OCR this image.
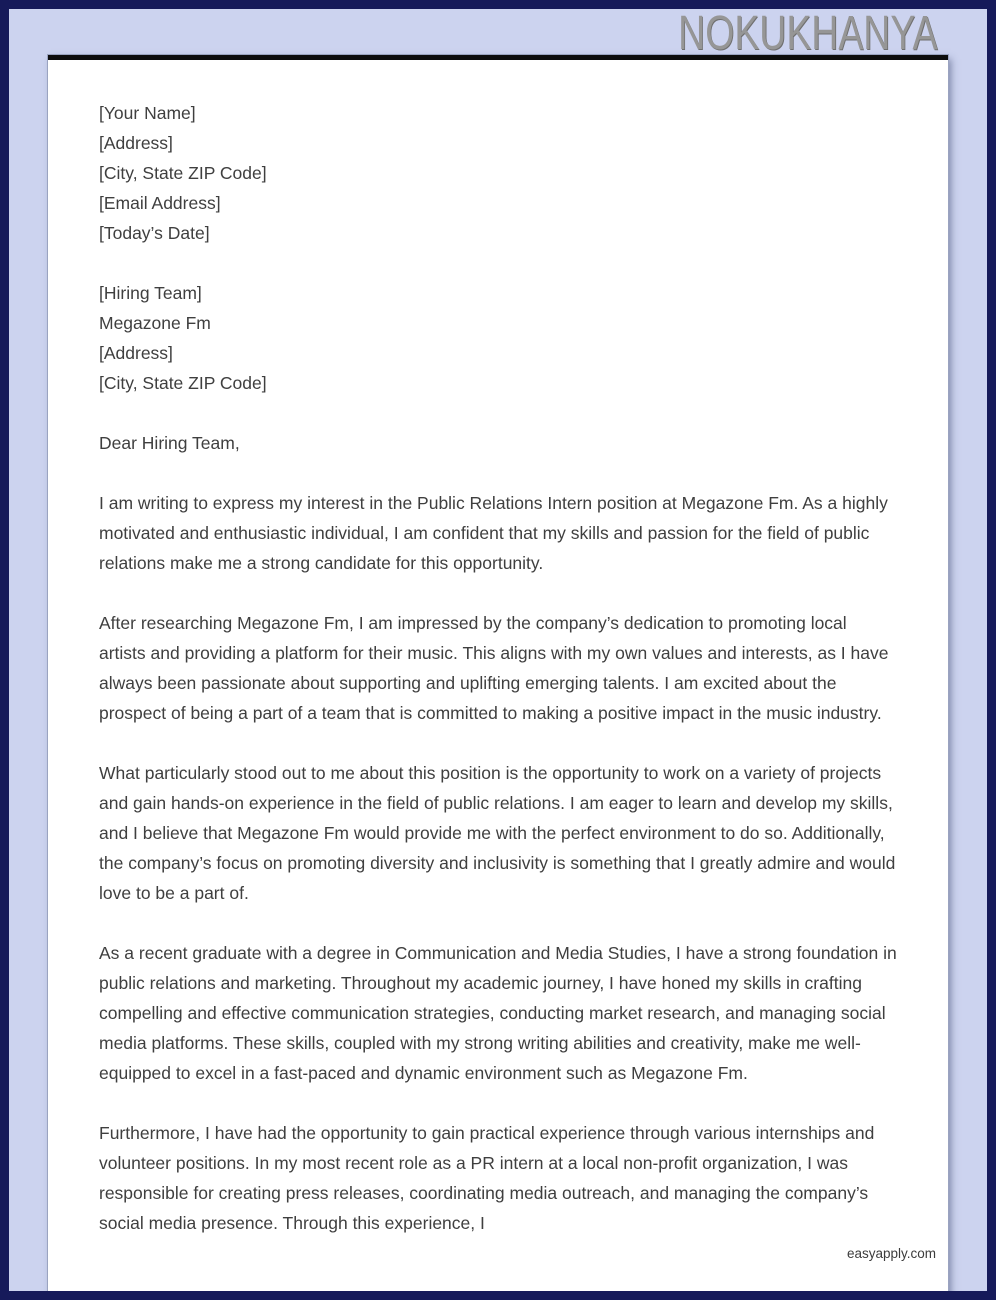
NOKUKHANYA
[Your Name]
[Address]
[City, State ZIP Code]
[Email Address]
[Today’s Date]
[Hiring Team]
Megazone Fm
[Address]
[City, State ZIP Code]
Dear Hiring Team,

I am writing to express my interest in the Public Relations Intern position at Megazone Fm. As a highly motivated and enthusiastic individual, I am confident that my skills and passion for the field of public relations make me a strong candidate for this opportunity.

After researching Megazone Fm, I am impressed by the company’s dedication to promoting local artists and providing a platform for their music. This aligns with my own values and interests, as I have always been passionate about supporting and uplifting emerging talents. I am excited about the prospect of being a part of a team that is committed to making a positive impact in the music industry.

What particularly stood out to me about this position is the opportunity to work on a variety of projects and gain hands-on experience in the field of public relations. I am eager to learn and develop my skills, and I believe that Megazone Fm would provide me with the perfect environment to do so. Additionally, the company’s focus on promoting diversity and inclusivity is something that I greatly admire and would love to be a part of.

As a recent graduate with a degree in Communication and Media Studies, I have a strong foundation in public relations and marketing. Throughout my academic journey, I have honed my skills in crafting compelling and effective communication strategies, conducting market research, and managing social media platforms. These skills, coupled with my strong writing abilities and creativity, make me well-equipped to excel in a fast-paced and dynamic environment such as Megazone Fm.

Furthermore, I have had the opportunity to gain practical experience through various internships and volunteer positions. In my most recent role as a PR intern at a local non-profit organization, I was responsible for creating press releases, coordinating media outreach, and managing the company’s social media presence. Through this experience, I

easyapply.com
